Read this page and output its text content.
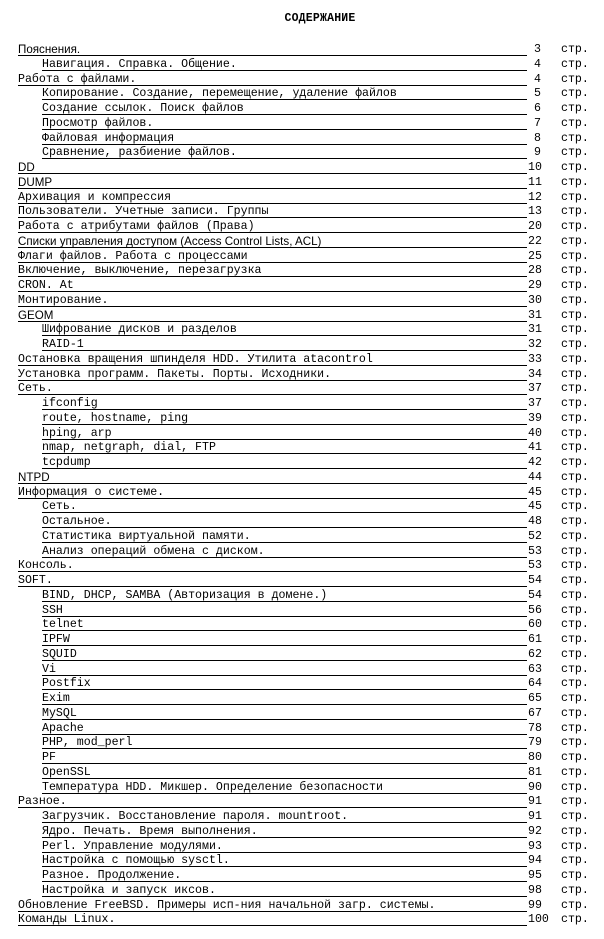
СОДЕРЖАНИЕ
Пояснения.	3 стр.
Навигация. Справка. Общение.	4 стр.
Работа с файлами.	4 стр.
Копирование. Создание, перемещение, удаление файлов	5 стр.
Создание ссылок. Поиск файлов	6 стр.
Просмотр файлов.	7 стр.
Файловая информация	8 стр.
Сравнение, разбиение файлов.	9 стр.
DD	10 стр.
DUMP	11 стр.
Архивация и компрессия	12 стр.
Пользователи. Учетные записи. Группы	13 стр.
Работа с атрибутами файлов (Права)	20 стр.
Списки управления доступом (Access Control Lists, ACL)	22 стр.
Флаги файлов. Работа с процессами	25 стр.
Включение, выключение, перезагрузка	28 стр.
CRON. At	29 стр.
Монтирование.	30 стр.
GEOM	31 стр.
Шифрование дисков и разделов	31 стр.
RAID-1	32 стр.
Остановка вращения шпинделя HDD. Утилита atacontrol	33 стр.
Установка программ. Пакеты. Порты. Исходники.	34 стр.
Сеть.	37 стр.
ifconfig	37 стр.
route, hostname, ping	39 стр.
hping, arp	40 стр.
nmap, netgraph, dial, FTP	41 стр.
tcpdump	42 стр.
NTPD	44 стр.
Информация о системе.	45 стр.
Сеть.	45 стр.
Остальное.	48 стр.
Статистика виртуальной памяти.	52 стр.
Анализ операций обмена с диском.	53 стр.
Консоль.	53 стр.
SOFT.	54 стр.
BIND, DHCP, SAMBA (Авторизация в домене.)	54 стр.
SSH	56 стр.
telnet	60 стр.
IPFW	61 стр.
SQUID	62 стр.
Vi	63 стр.
Postfix	64 стр.
Exim	65 стр.
MySQL	67 стр.
Apache	78 стр.
PHP, mod_perl	79 стр.
PF	80 стр.
OpenSSL	81 стр.
Температура HDD. Микшер. Определение безопасности	90 стр.
Разное.	91 стр.
Загрузчик. Восстановление пароля. mountroot.	91 стр.
Ядро. Печать. Время выполнения.	92 стр.
Perl. Управление модулями.	93 стр.
Настройка с помощью sysctl.	94 стр.
Разное. Продолжение.	95 стр.
Настройка и запуск иксов.	98 стр.
Обновление FreeBSD. Примеры исп-ния начальной загр. системы.	99 стр.
Команды Linux.	100 стр.
